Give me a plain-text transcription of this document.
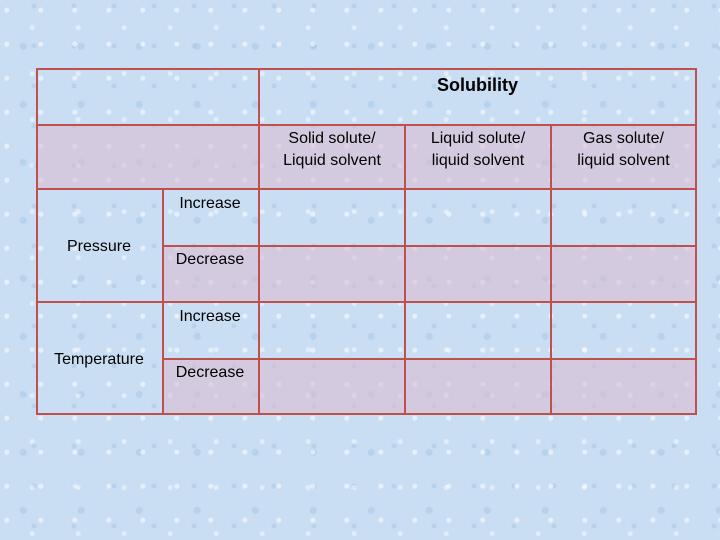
Solubility
Solid solute/
Liquid solvent
Liquid solute/
liquid solvent
Gas solute/
liquid solvent
Pressure
Increase
Decrease
Temperature
Increase
Decrease
